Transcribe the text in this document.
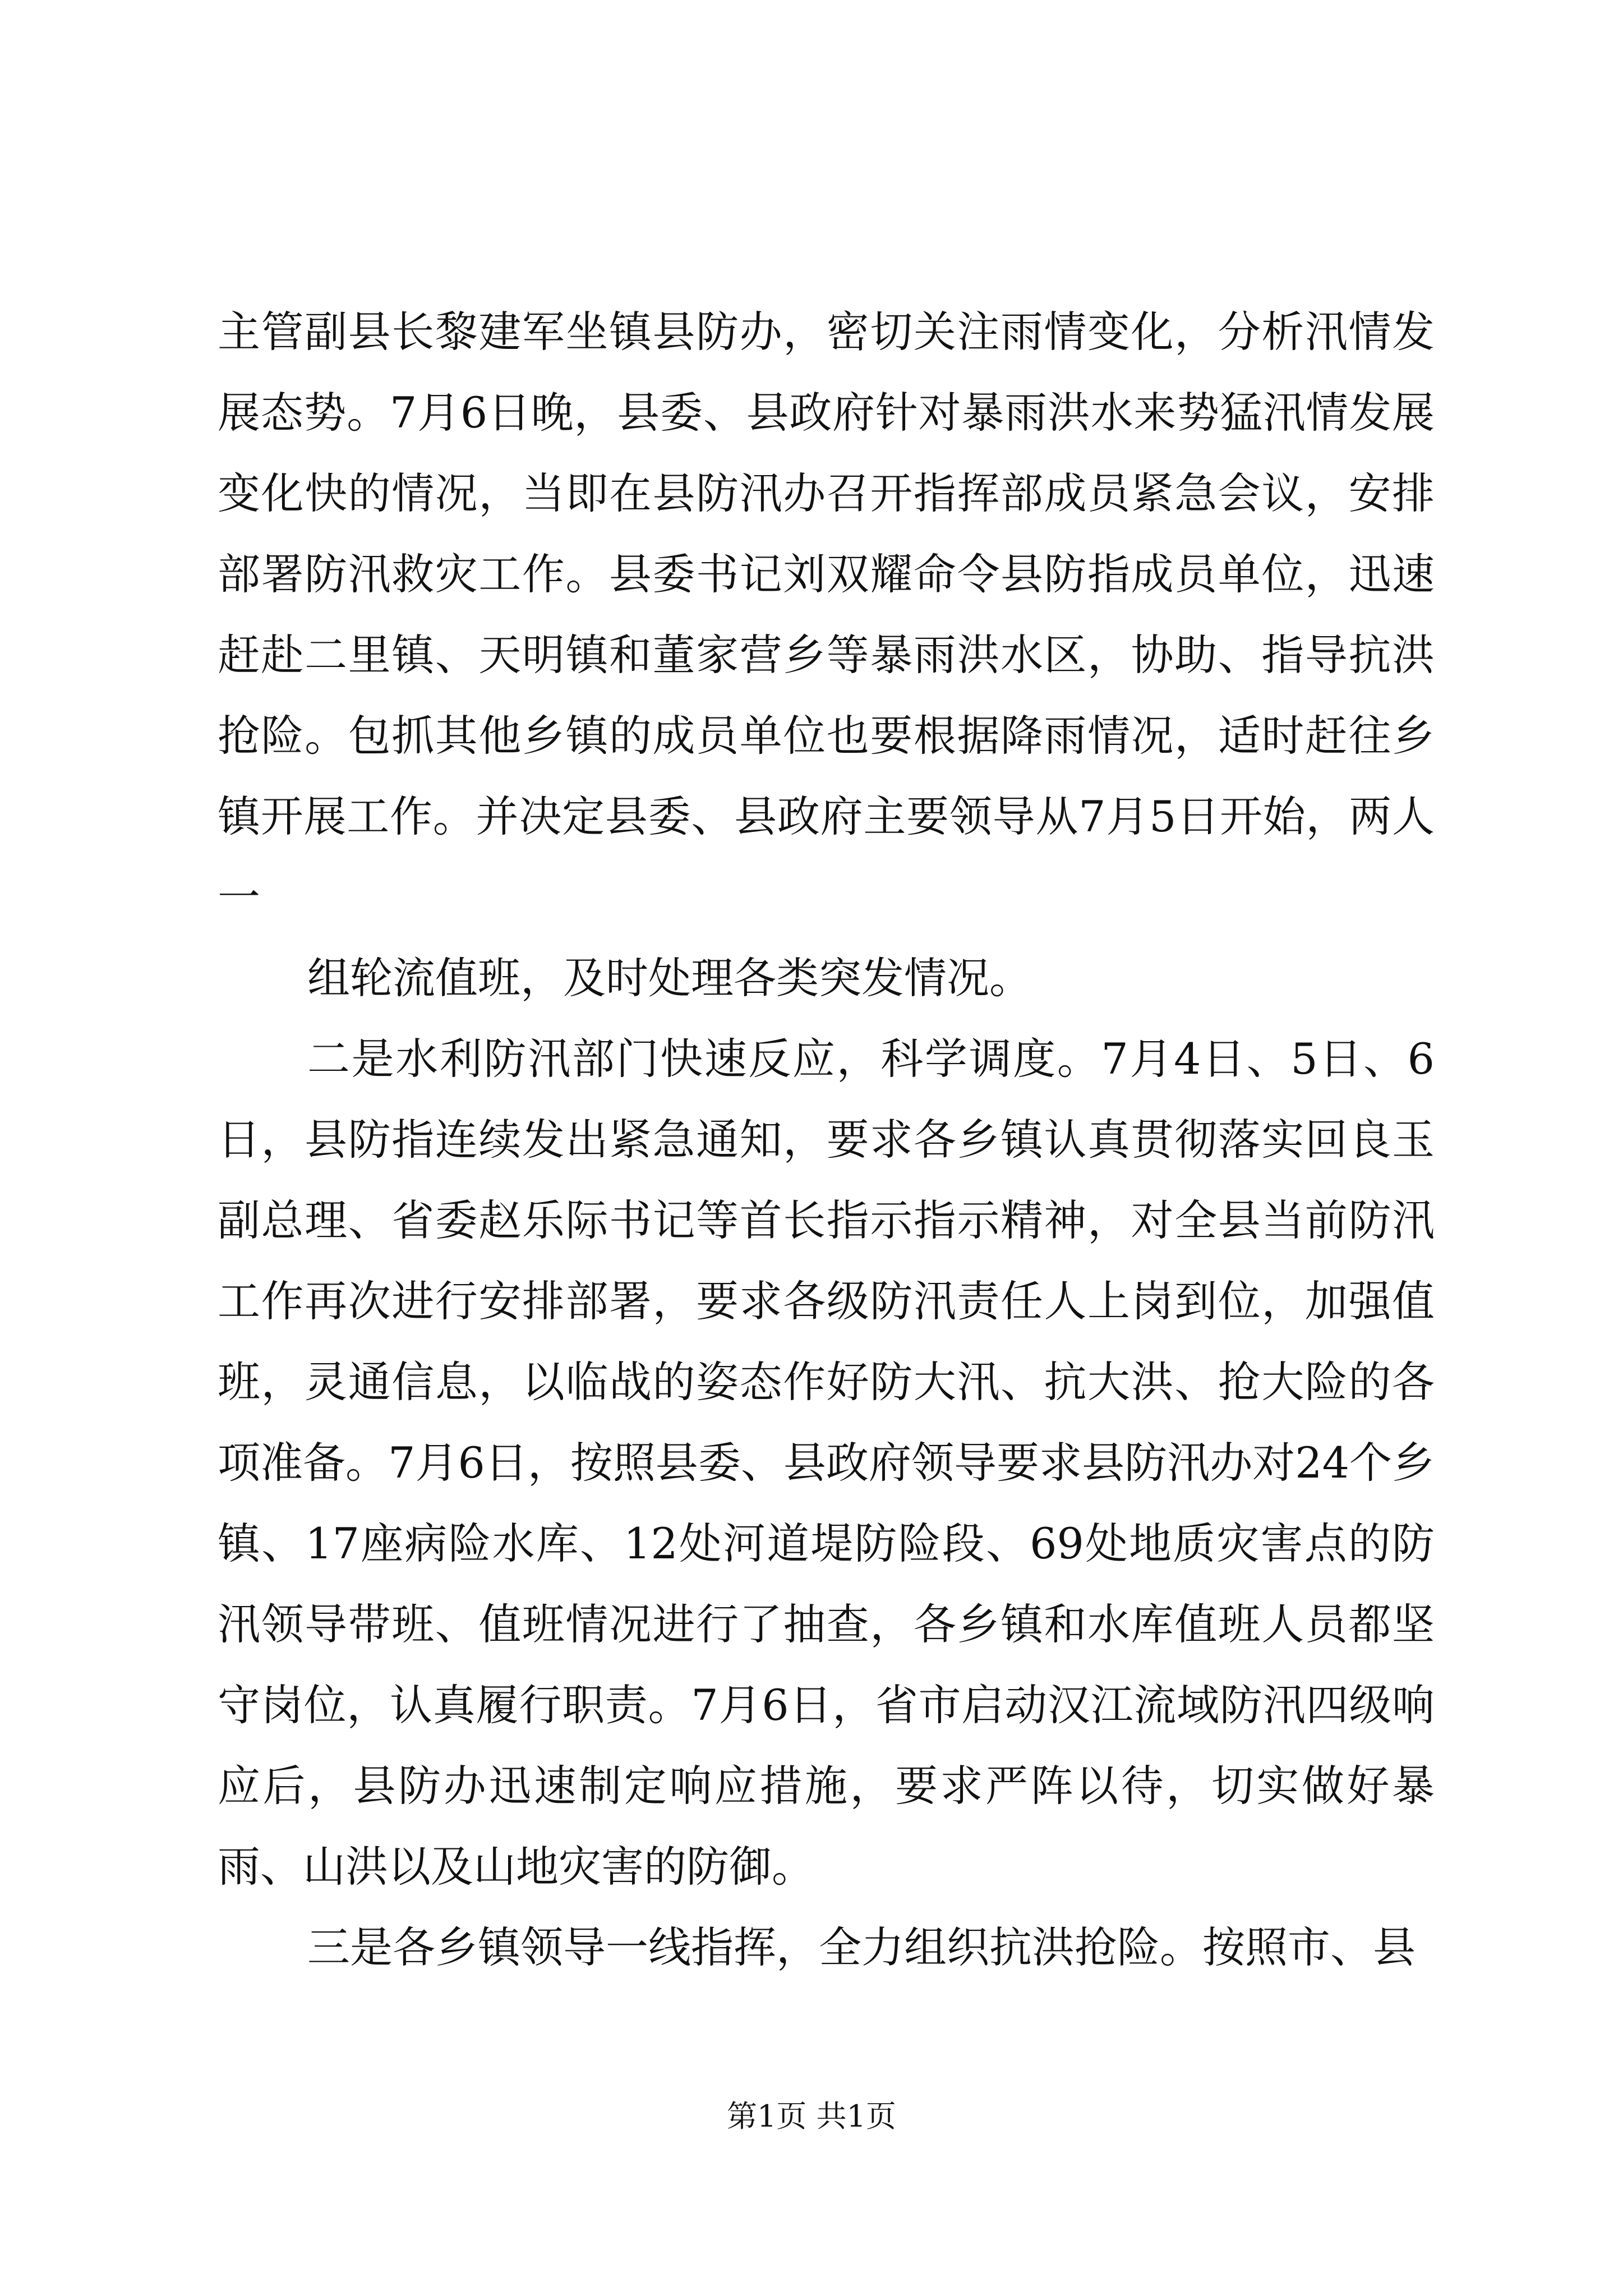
主管副县长黎建军坐镇县防办，密切关注雨情变化，分析汛情发展态势。7月6日晚，县委、县政府针对暴雨洪水来势猛汛情发展变化快的情况，当即在县防汛办召开指挥部成员紧急会议，安排部署防汛救灾工作。县委书记刘双耀命令县防指成员单位，迅速赶赴二里镇、天明镇和董家营乡等暴雨洪水区，协助、指导抗洪抢险。包抓其他乡镇的成员单位也要根据降雨情况，适时赶往乡镇开展工作。并决定县委、县政府主要领导从7月5日开始，两人一

组轮流值班，及时处理各类突发情况。

二是水利防汛部门快速反应，科学调度。7月4日、5日、6日，县防指连续发出紧急通知，要求各乡镇认真贯彻落实回良玉副总理、省委赵乐际书记等首长指示指示精神，对全县当前防汛工作再次进行安排部署，要求各级防汛责任人上岗到位，加强值班，灵通信息，以临战的姿态作好防大汛、抗大洪、抢大险的各项准备。7月6日，按照县委、县政府领导要求县防汛办对24个乡镇、17座病险水库、12处河道堤防险段、69处地质灾害点的防汛领导带班、值班情况进行了抽查，各乡镇和水库值班人员都坚守岗位，认真履行职责。7月6日，省市启动汉江流域防汛四级响应后，县防办迅速制定响应措施，要求严阵以待，切实做好暴雨、山洪以及山地灾害的防御。

三是各乡镇领导一线指挥，全力组织抗洪抢险。按照市、县

第1页 共1页
